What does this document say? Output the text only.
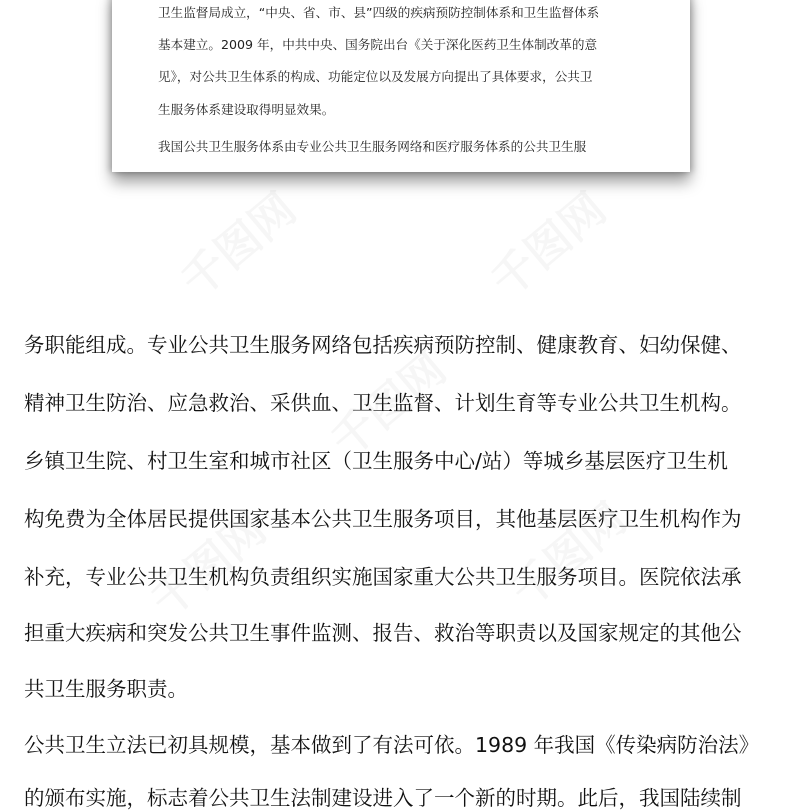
千图网	千图网
千图网
千图网	千图网
卫生监督局成立，“中央、省、市、县”四级的疾病预防控制体系和卫生监督体系
基本建立。2009 年，中共中央、国务院出台《关于深化医药卫生体制改革的意
见》，对公共卫生体系的构成、功能定位以及发展方向提出了具体要求，公共卫
生服务体系建设取得明显效果。
我国公共卫生服务体系由专业公共卫生服务网络和医疗服务体系的公共卫生服
务职能组成。专业公共卫生服务网络包括疾病预防控制、健康教育、妇幼保健、
精神卫生防治、应急救治、采供血、卫生监督、计划生育等专业公共卫生机构。
乡镇卫生院、村卫生室和城市社区（卫生服务中心/站）等城乡基层医疗卫生机
构免费为全体居民提供国家基本公共卫生服务项目，其他基层医疗卫生机构作为
补充，专业公共卫生机构负责组织实施国家重大公共卫生服务项目。医院依法承
担重大疾病和突发公共卫生事件监测、报告、救治等职责以及国家规定的其他公
共卫生服务职责。
公共卫生立法已初具规模，基本做到了有法可依。1989 年我国《传染病防治法》
的颁布实施，标志着公共卫生法制建设进入了一个新的时期。此后，我国陆续制
